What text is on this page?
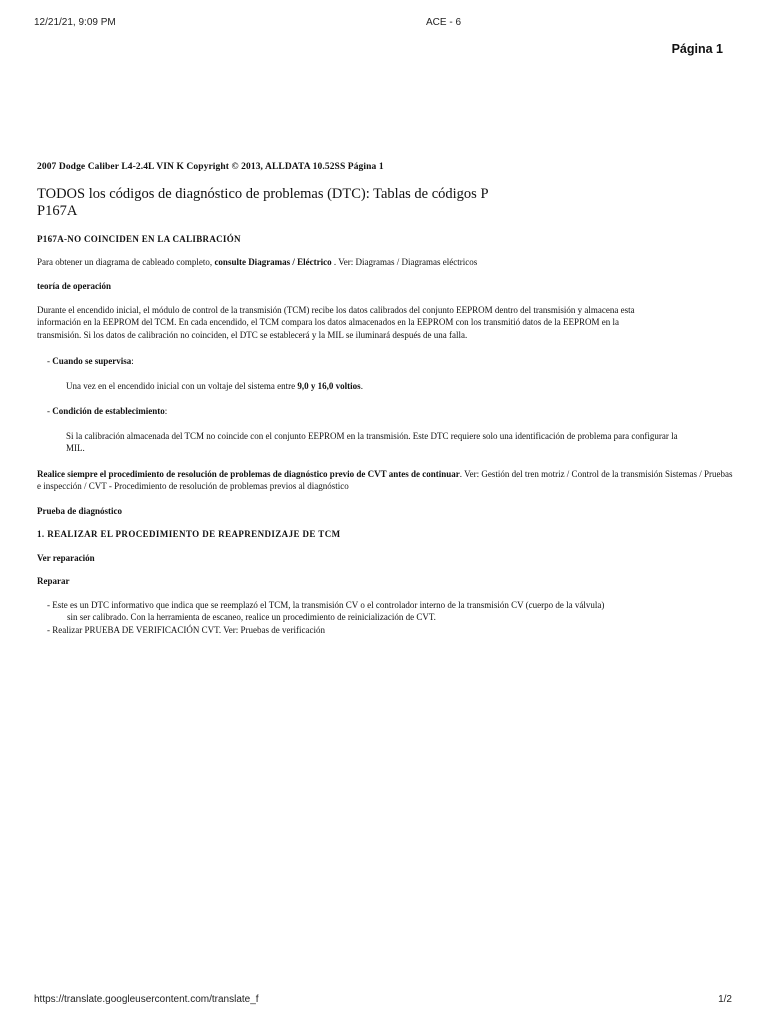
12/21/21, 9:09 PM	ACE - 6
Página 1
2007 Dodge Caliber L4-2.4L VIN K Copyright © 2013, ALLDATA 10.52SS Página 1
TODOS los códigos de diagnóstico de problemas (DTC): Tablas de códigos P
P167A
P167A-NO COINCIDEN EN LA CALIBRACIÓN

Para obtener un diagrama de cableado completo, consulte Diagramas / Eléctrico . Ver: Diagramas / Diagramas eléctricos

teoría de operación

Durante el encendido inicial, el módulo de control de la transmisión (TCM) recibe los datos calibrados del conjunto EEPROM dentro del transmisión y almacena esta información en la EEPROM del TCM. En cada encendido, el TCM compara los datos almacenados en la EEPROM con los transmitió datos de la EEPROM en la transmisión. Si los datos de calibración no coinciden, el DTC se establecerá y la MIL se iluminará después de una falla.

- Cuando se supervisa:
Una vez en el encendido inicial con un voltaje del sistema entre 9,0 y 16,0 voltios.
- Condición de establecimiento:
Si la calibración almacenada del TCM no coincide con el conjunto EEPROM en la transmisión. Este DTC requiere solo una identificación de problema para configurar la MIL.

Realice siempre el procedimiento de resolución de problemas de diagnóstico previo de CVT antes de continuar. Ver: Gestión del tren motriz / Control de la transmisión Sistemas / Pruebas e inspección / CVT - Procedimiento de resolución de problemas previos al diagnóstico

Prueba de diagnóstico
1. REALIZAR EL PROCEDIMIENTO DE REAPRENDIZAJE DE TCM
Ver reparación
Reparar
- Este es un DTC informativo que indica que se reemplazó el TCM, la transmisión CV o el controlador interno de la transmisión CV (cuerpo de la válvula)
sin ser calibrado. Con la herramienta de escaneo, realice un procedimiento de reinicialización de CVT.
- Realizar PRUEBA DE VERIFICACIÓN CVT. Ver: Pruebas de verificación
https://translate.googleusercontent.com/translate_f	1/2
